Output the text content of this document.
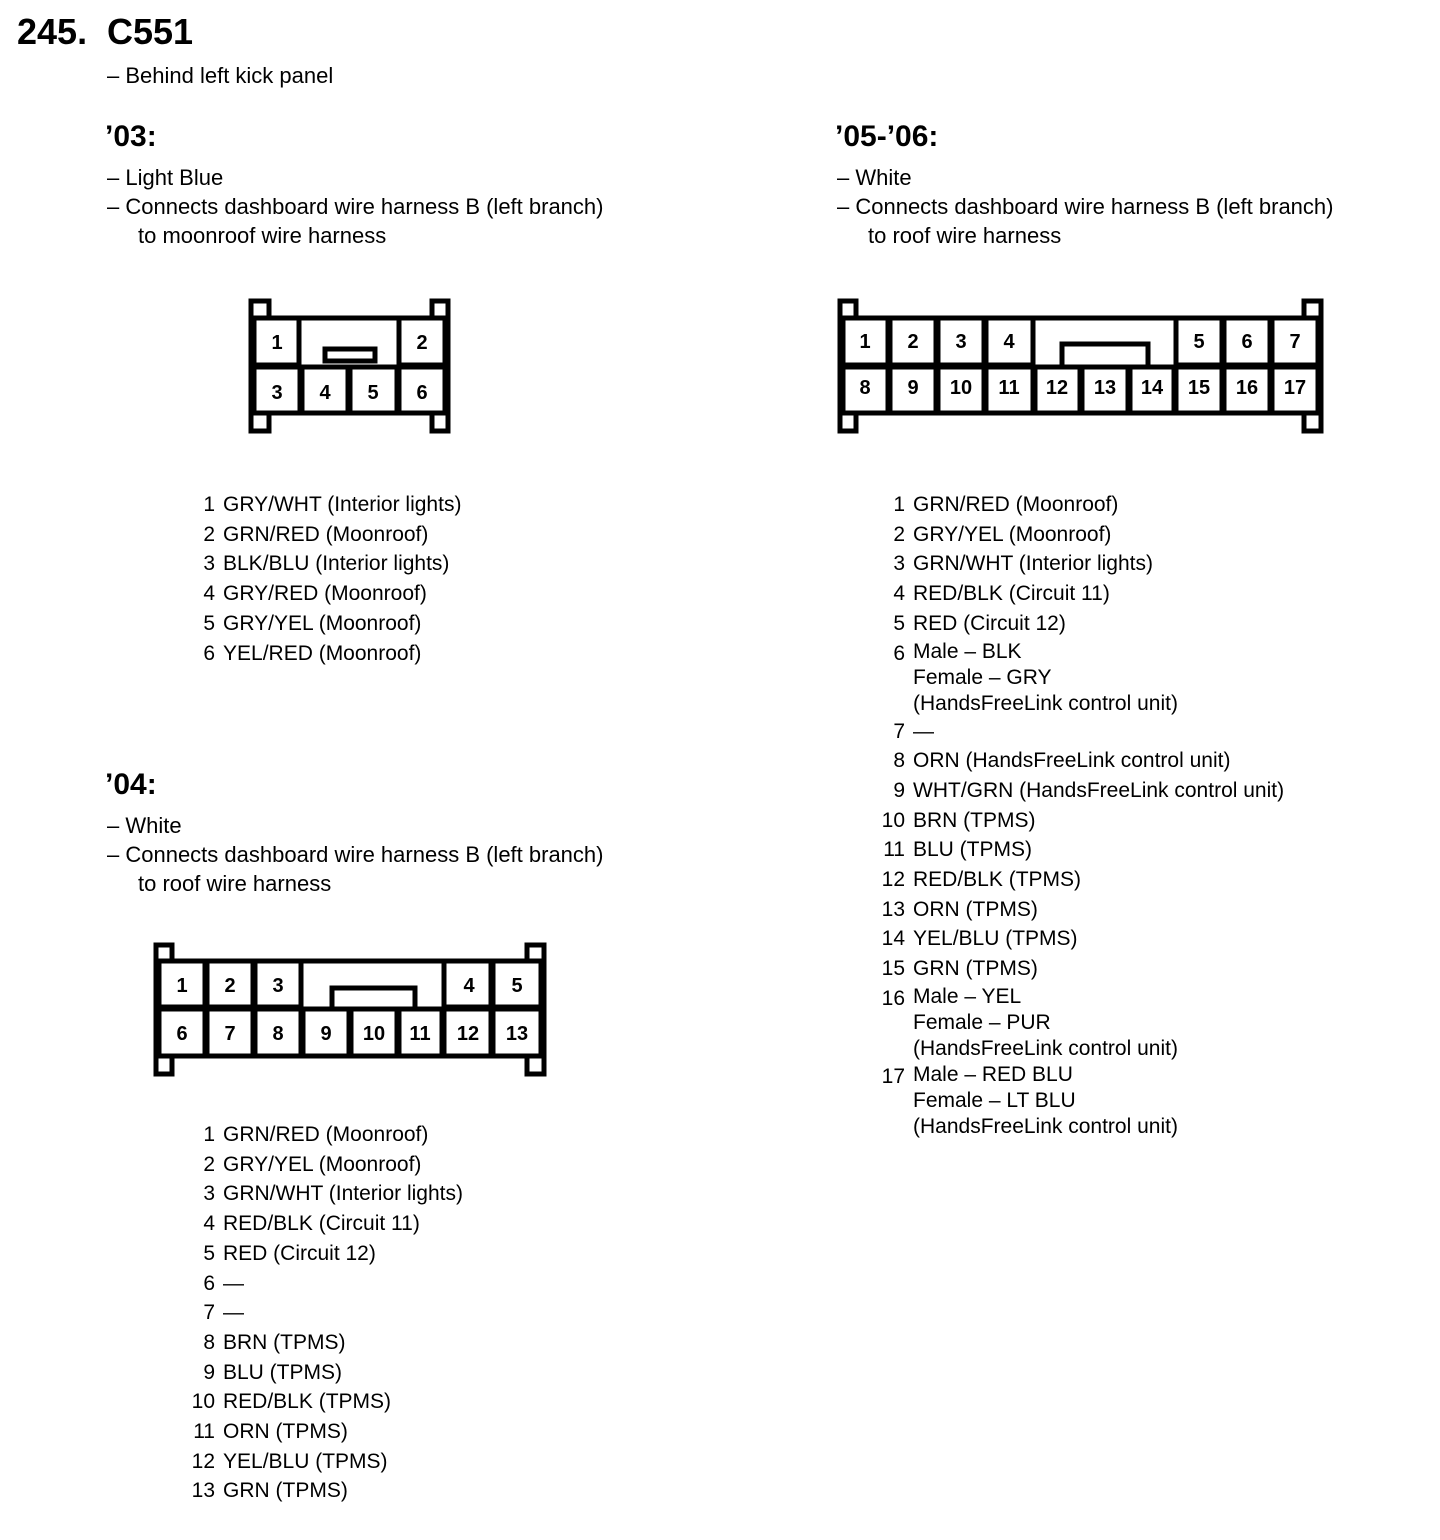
245. C551
– Behind left kick panel
’03:
– Light Blue
– Connects dashboard wire harness B (left branch)
to moonroof wire harness
1	2
3 4 5 6
1 2 3	4 5
6 7 8 9 10 11 12 13
1 2 3 4	5 6 7
8 9 10 11 12 13 14 15 16 17
1 GRY/WHT (Interior lights)
2 GRN/RED (Moonroof)
3 BLK/BLU (Interior lights)
4 GRY/RED (Moonroof)
5 GRY/YEL (Moonroof)
6 YEL/RED (Moonroof)
’04:
– White
– Connects dashboard wire harness B (left branch)
to roof wire harness
1 GRN/RED (Moonroof)
2 GRY/YEL (Moonroof)
3 GRN/WHT (Interior lights)
4 RED/BLK (Circuit 11)
5 RED (Circuit 12)
6 —
7 —
8 BRN (TPMS)
9 BLU (TPMS)
10 RED/BLK (TPMS)
11 ORN (TPMS)
12 YEL/BLU (TPMS)
13 GRN (TPMS)
’05-’06:
– White
– Connects dashboard wire harness B (left branch)
to roof wire harness
1 GRN/RED (Moonroof)
2 GRY/YEL (Moonroof)
3 GRN/WHT (Interior lights)
4 RED/BLK (Circuit 11)
5 RED (Circuit 12)
6 Male – BLK
Female – GRY
(HandsFreeLink control unit)
7 —
8 ORN (HandsFreeLink control unit)
9 WHT/GRN (HandsFreeLink control unit)
10 BRN (TPMS)
11 BLU (TPMS)
12 RED/BLK (TPMS)
13 ORN (TPMS)
14 YEL/BLU (TPMS)
15 GRN (TPMS)
16 Male – YEL
Female – PUR
(HandsFreeLink control unit)
17 Male – RED BLU
Female – LT BLU
(HandsFreeLink control unit)
